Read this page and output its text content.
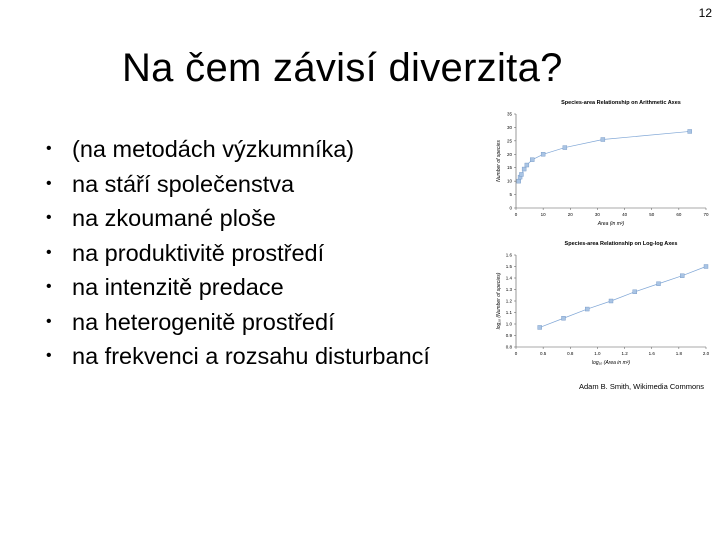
12
Na čem závisí diverzita?
• (na metodách výzkumníka)
• na stáří společenstva
• na zkoumané ploše
• na produktivitě prostředí
• na intenzitě predace
• na heterogenitě prostředí
• na frekvenci a rozsahu disturbancí
Species-area Relationship on Arithmetic Axes
0	10	20	30	40	50	60	70
0
5
10
15
20
25
30
35
Area (in m²)
Number of species
Species-area Relationship on Log-log Axes
0	0.5	0.8	1.0	1.2	1.6	1.8	2.0
0.8
0.9
1.0
1.1
1.2
1.3
1.4
1.5
1.6
log₁₀ (Area in m²)
log₁₀ (Number of species)
Adam B. Smith, Wikimedia Commons
